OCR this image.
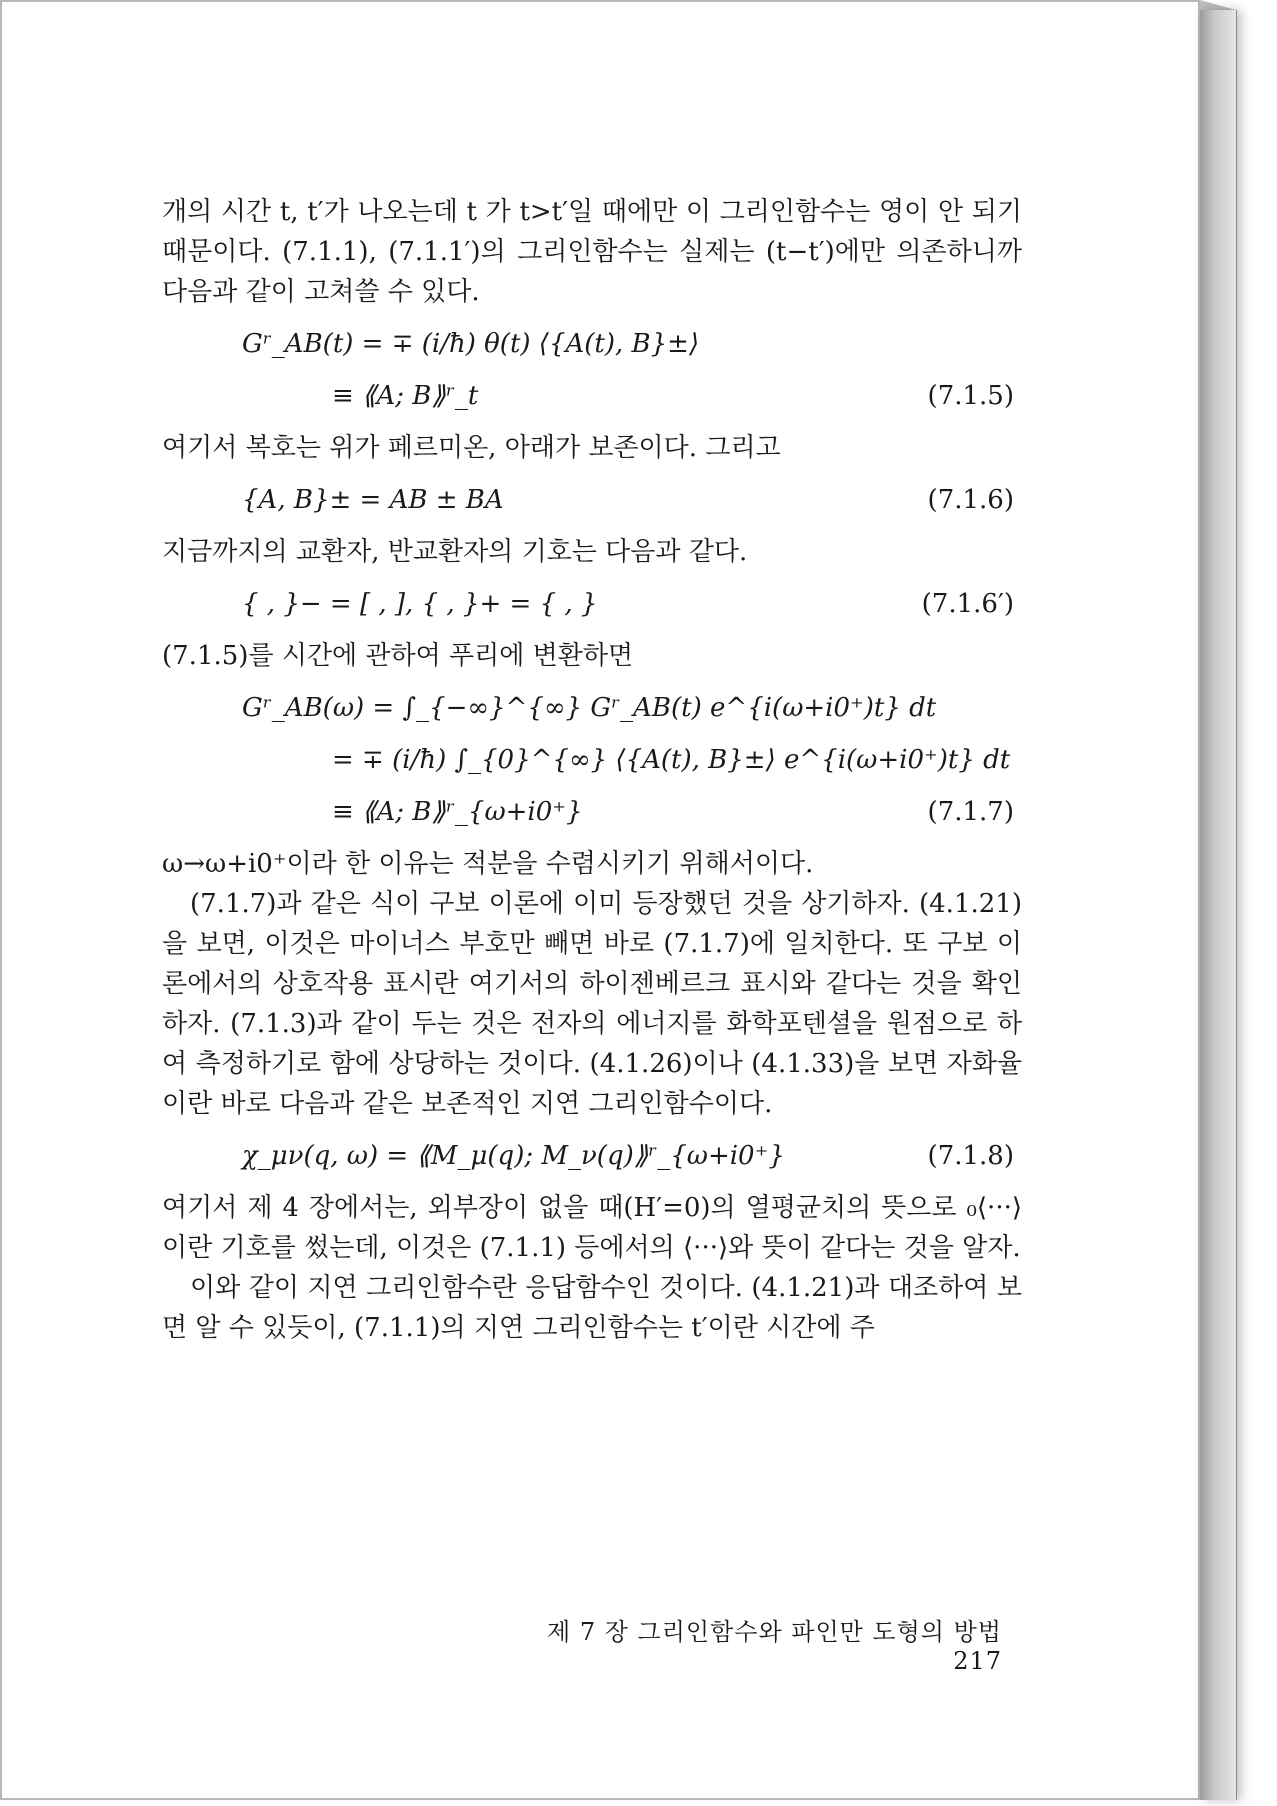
개의 시간 t, t′가 나오는데 t 가 t>t′일 때에만 이 그리인함수는 영이 안 되기 때문이다. (7.1.1), (7.1.1′)의 그리인함수는 실제는 (t−t′)에만 의존하니까 다음과 같이 고쳐쓸 수 있다.

Gʳ_AB(t) = ∓ (i/ħ) θ(t) ⟨{A(t), B}±⟩
≡ ⟪A; B⟫ʳ_t	(7.1.5)

여기서 복호는 위가 페르미온, 아래가 보존이다. 그리고

{A, B}± = AB ± BA	(7.1.6)

지금까지의 교환자, 반교환자의 기호는 다음과 같다.

{ , }− = [ , ], { , }+ = { , }	(7.1.6′)

(7.1.5)를 시간에 관하여 푸리에 변환하면

Gʳ_AB(ω) = ∫_{−∞}^{∞} Gʳ_AB(t) e^{i(ω+i0⁺)t} dt
= ∓ (i/ħ) ∫_{0}^{∞} ⟨{A(t), B}±⟩ e^{i(ω+i0⁺)t} dt
≡ ⟪A; B⟫ʳ_{ω+i0⁺}	(7.1.7)

ω→ω+i0⁺이라 한 이유는 적분을 수렴시키기 위해서이다.

(7.1.7)과 같은 식이 구보 이론에 이미 등장했던 것을 상기하자. (4.1.21)을 보면, 이것은 마이너스 부호만 빼면 바로 (7.1.7)에 일치한다. 또 구보 이론에서의 상호작용 표시란 여기서의 하이젠베르크 표시와 같다는 것을 확인하자. (7.1.3)과 같이 두는 것은 전자의 에너지를 화학포텐셜을 원점으로 하여 측정하기로 함에 상당하는 것이다. (4.1.26)이나 (4.1.33)을 보면 자화율이란 바로 다음과 같은 보존적인 지연 그리인함수이다.

χ_μν(q, ω) = ⟪M_μ(q); M_ν(q)⟫ʳ_{ω+i0⁺}	(7.1.8)

여기서 제 4 장에서는, 외부장이 없을 때(H′=0)의 열평균치의 뜻으로 ₀⟨···⟩이란 기호를 썼는데, 이것은 (7.1.1) 등에서의 ⟨···⟩와 뜻이 같다는 것을 알자.

이와 같이 지연 그리인함수란 응답함수인 것이다. (4.1.21)과 대조하여 보면 알 수 있듯이, (7.1.1)의 지연 그리인함수는 t′이란 시간에 주

제 7 장 그리인함수와 파인만 도형의 방법 217
